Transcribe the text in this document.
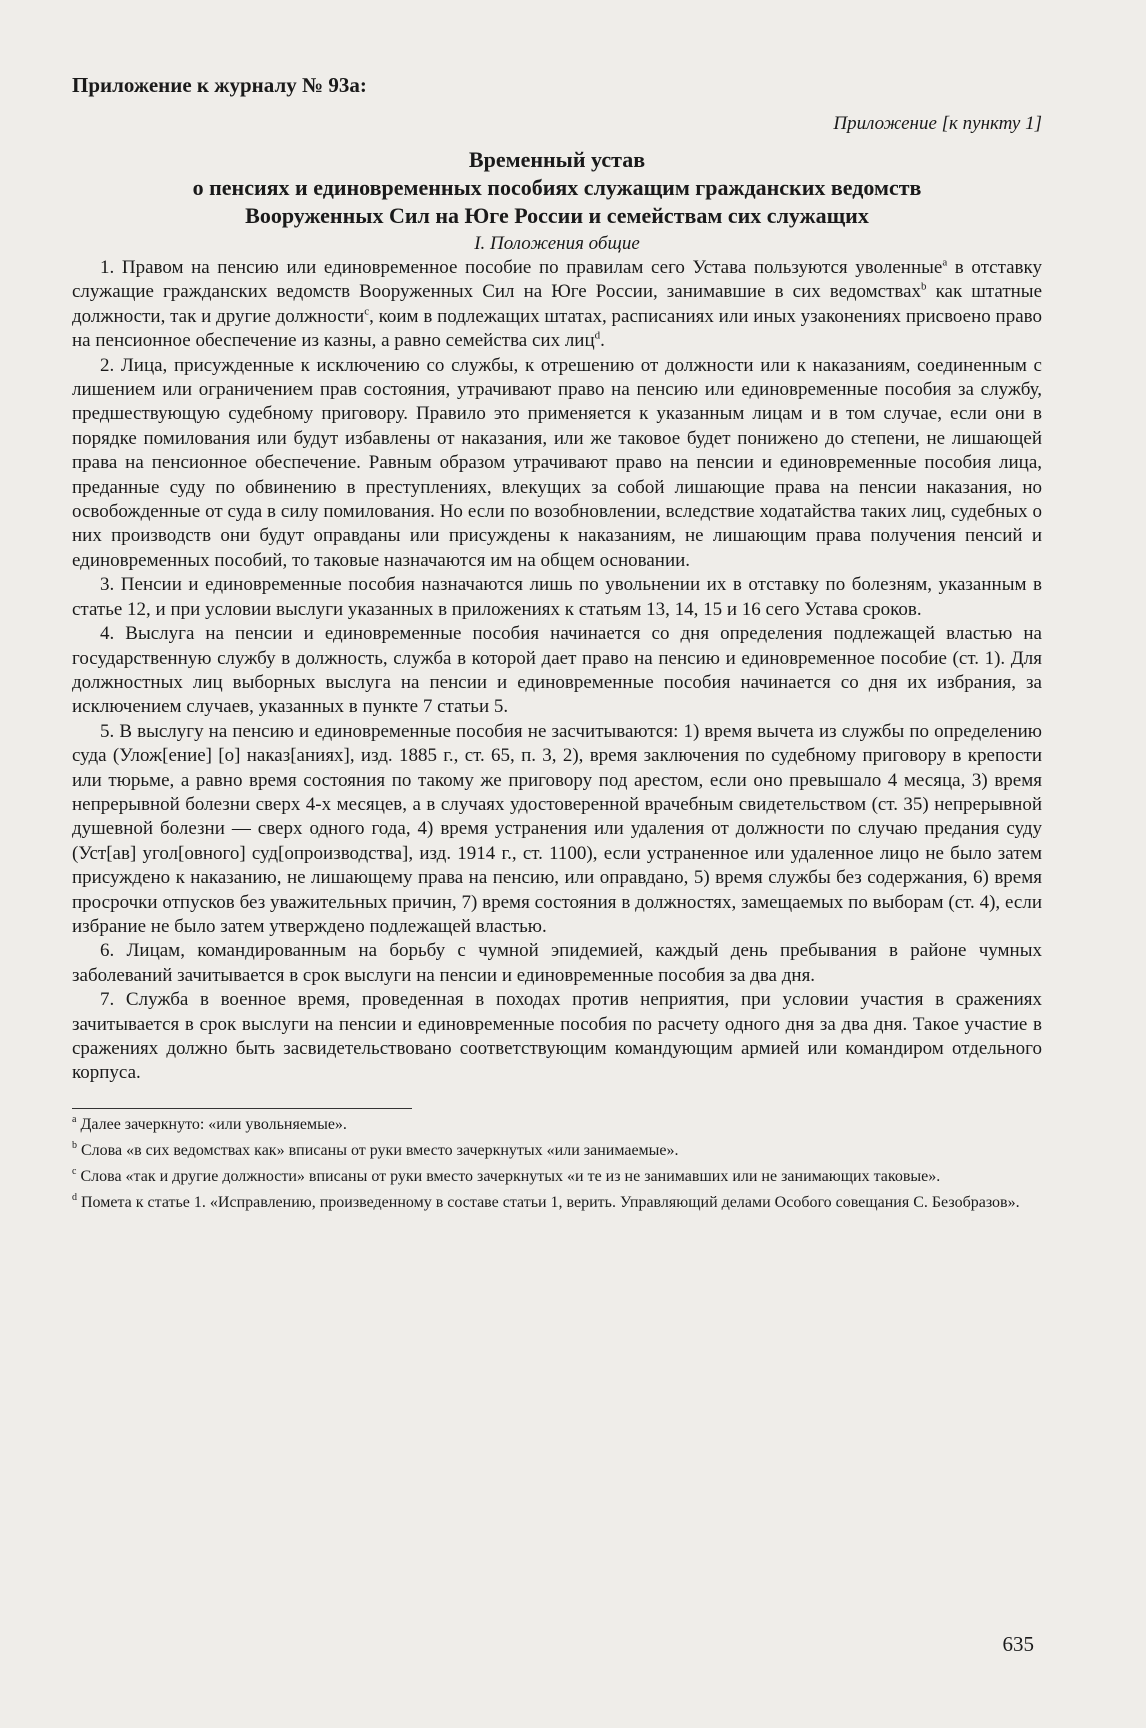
Приложение к журналу № 93а:

Приложение [к пункту 1]

Временный устав
о пенсиях и единовременных пособиях служащим гражданских ведомств
Вооруженных Сил на Юге России и семействам сих служащих

I. Положения общие

1. Правом на пенсию или единовременное пособие по правилам сего Устава пользуются уволенные$^a$ в отставку служащие гражданских ведомств Вооруженных Сил на Юге России, занимавшие в сих ведомствах$^b$ как штатные должности, так и другие должности$^c$, коим в подлежащих штатах, расписаниях или иных узаконениях присвоено право на пенсионное обеспечение из казны, а равно семейства сих лиц$^d$.

2. Лица, присужденные к исключению со службы, к отрешению от должности или к наказаниям, соединенным с лишением или ограничением прав состояния, утрачивают право на пенсию или единовременные пособия за службу, предшествующую судебному приговору. Правило это применяется к указанным лицам и в том случае, если они в порядке помилования или будут избавлены от наказания, или же таковое будет понижено до степени, не лишающей права на пенсионное обеспечение. Равным образом утрачивают право на пенсии и единовременные пособия лица, преданные суду по обвинению в преступлениях, влекущих за собой лишающие права на пенсии наказания, но освобожденные от суда в силу помилования. Но если по возобновлении, вследствие ходатайства таких лиц, судебных о них производств они будут оправданы или присуждены к наказаниям, не лишающим права получения пенсий и единовременных пособий, то таковые назначаются им на общем основании.

3. Пенсии и единовременные пособия назначаются лишь по увольнении их в отставку по болезням, указанным в статье 12, и при условии выслуги указанных в приложениях к статьям 13, 14, 15 и 16 сего Устава сроков.

4. Выслуга на пенсии и единовременные пособия начинается со дня определения подлежащей властью на государственную службу в должность, служба в которой дает право на пенсию и единовременное пособие (ст. 1). Для должностных лиц выборных выслуга на пенсии и единовременные пособия начинается со дня их избрания, за исключением случаев, указанных в пункте 7 статьи 5.

5. В выслугу на пенсию и единовременные пособия не засчитываются: 1) время вычета из службы по определению суда (Улож[ение] [о] наказ[аниях], изд. 1885 г., ст. 65, п. 3, 2), время заключения по судебному приговору в крепости или тюрьме, а равно время состояния по такому же приговору под арестом, если оно превышало 4 месяца, 3) время непрерывной болезни сверх 4-х месяцев, а в случаях удостоверенной врачебным свидетельством (ст. 35) непрерывной душевной болезни — сверх одного года, 4) время устранения или удаления от должности по случаю предания суду (Уст[ав] угол[овного] суд[опроизводства], изд. 1914 г., ст. 1100), если устраненное или удаленное лицо не было затем присуждено к наказанию, не лишающему права на пенсию, или оправдано, 5) время службы без содержания, 6) время просрочки отпусков без уважительных причин, 7) время состояния в должностях, замещаемых по выборам (ст. 4), если избрание не было затем утверждено подлежащей властью.

6. Лицам, командированным на борьбу с чумной эпидемией, каждый день пребывания в районе чумных заболеваний зачитывается в срок выслуги на пенсии и единовременные пособия за два дня.

7. Служба в военное время, проведенная в походах против неприятия, при условии участия в сражениях зачитывается в срок выслуги на пенсии и единовременные пособия по расчету одного дня за два дня. Такое участие в сражениях должно быть засвидетельствовано соответствующим командующим армией или командиром отдельного корпуса.

$^a$ Далее зачеркнуто: «или увольняемые».

$^b$ Слова «в сих ведомствах как» вписаны от руки вместо зачеркнутых «или занимаемые».

$^c$ Слова «так и другие должности» вписаны от руки вместо зачеркнутых «и те из не занимавших или не занимающих таковые».

$^d$ Помета к статье 1. «Исправлению, произведенному в составе статьи 1, верить. Управляющий делами Особого совещания С. Безобразов».

635
